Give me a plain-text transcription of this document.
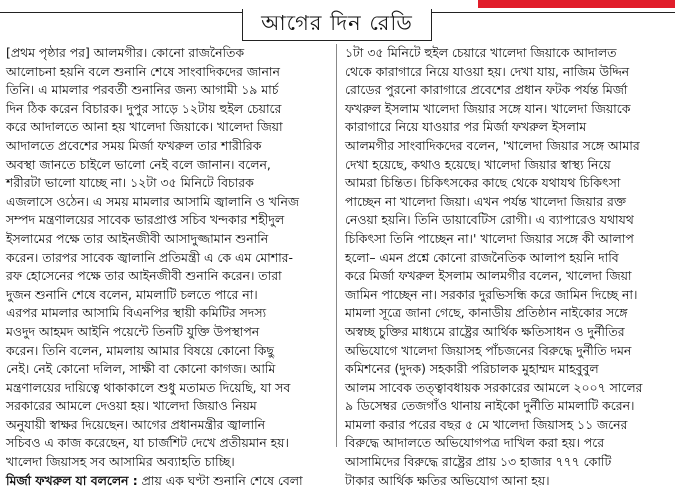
আগের দিন রেডি
[প্রথম পৃষ্ঠার পর] আলমগীর। কোনো রাজনৈতিক
আলোচনা হয়নি বলে শুনানি শেষে সাংবাদিকদের জানান
তিনি। এ মামলার পরবর্তী শুনানির জন্য আগামী ১৯ মার্চ
দিন ঠিক করেন বিচারক। দুপুর সাড়ে ১২টায় হুইল চেয়ারে
করে আদালতে আনা হয় খালেদা জিয়াকে। খালেদা জিয়া
আদালতে প্রবেশের সময় মির্জা ফখরুল তার শারীরিক
অবস্থা জানতে চাইলে ভালো নেই বলে জানান। বলেন,
শরীরটা ভালো যাচ্ছে না। ১২টা ৩৫ মিনিটে বিচারক
এজলাসে ওঠেন। এ সময় মামলার আসামি জ্বালানি ও খনিজ
সম্পদ মন্ত্রণালয়ের সাবেক ভারপ্রাপ্ত সচিব খন্দকার শহীদুল
ইসলামের পক্ষে তার আইনজীবী আসাদুজ্জামান শুনানি
করেন। তারপর সাবেক জ্বালানি প্রতিমন্ত্রী এ কে এম মোশার-
রফ হোসেনের পক্ষে তার আইনজীবী শুনানি করেন। তারা
দুজন শুনানি শেষে বলেন, মামলাটি চলতে পারে না।
এরপর মামলার আসামি বিএনপির স্থায়ী কমিটির সদস্য
মওদুদ আহমদ আইনি পয়েন্টে তিনটি যুক্তি উপস্থাপন
করেন। তিনি বলেন, মামলায় আমার বিষয়ে কোনো কিছু
নেই। নেই কোনো দলিল, সাক্ষী বা কোনো কাগজ। আমি
মন্ত্রণালয়ের দায়িত্বে থাকাকালে শুধু মতামত দিয়েছি, যা সব
সরকারের আমলে দেওয়া হয়। খালেদা জিয়াও নিয়ম
অনুযায়ী স্বাক্ষর দিয়েছেন। আগের প্রধানমন্ত্রীর জ্বালানি
সচিবও এ কাজ করেছেন, যা চার্জশিট দেখে প্রতীয়মান হয়।
খালেদা জিয়াসহ সব আসামির অব্যাহতি চাচ্ছি।
মির্জা ফখরুল যা বললেন : প্রায় এক ঘণ্টা শুনানি শেষে বেলা
১টা ৩৫ মিনিটে হুইল চেয়ারে খালেদা জিয়াকে আদালত
থেকে কারাগারে নিয়ে যাওয়া হয়। দেখা যায়, নাজিম উদ্দিন
রোডের পুরনো কারাগারে প্রবেশের প্রধান ফটক পর্যন্ত মির্জা
ফখরুল ইসলাম খালেদা জিয়ার সঙ্গে যান। খালেদা জিয়াকে
কারাগারে নিয়ে যাওয়ার পর মির্জা ফখরুল ইসলাম
আলমগীর সাংবাদিকদের বলেন, 'খালেদা জিয়ার সঙ্গে আমার
দেখা হয়েছে, কথাও হয়েছে। খালেদা জিয়ার স্বাস্থ্য নিয়ে
আমরা চিন্তিত। চিকিৎসকের কাছে থেকে যথাযথ চিকিৎসা
পাচ্ছেন না খালেদা জিয়া। এখন পর্যন্ত খালেদা জিয়ার রক্ত
নেওয়া হয়নি। তিনি ডায়াবেটিস রোগী। এ ব্যাপারেও যথাযথ
চিকিৎসা তিনি পাচ্ছেন না।' খালেদা জিয়ার সঙ্গে কী আলাপ
হলো– এমন প্রশ্নে কোনো রাজনৈতিক আলাপ হয়নি দাবি
করে মির্জা ফখরুল ইসলাম আলমগীর বলেন, খালেদা জিয়া
জামিন পাচ্ছেন না। সরকার দুরভিসন্ধি করে জামিন দিচ্ছে না।
মামলা সূত্রে জানা গেছে, কানাডীয় প্রতিষ্ঠান নাইকোর সঙ্গে
অস্বচ্ছ চুক্তির মাধ্যমে রাষ্ট্রের আর্থিক ক্ষতিসাধন ও দুর্নীতির
অভিযোগে খালেদা জিয়াসহ পাঁচজনের বিরুদ্ধে দুর্নীতি দমন
কমিশনের (দুদক) সহকারী পরিচালক মুহাম্মদ মাহবুবুল
আলম সাবেক তত্ত্বাবধায়ক সরকারের আমলে ২০০৭ সালের
৯ ডিসেম্বর তেজগাঁও থানায় নাইকো দুর্নীতি মামলাটি করেন।
মামলা করার পরের বছর ৫ মে খালেদা জিয়াসহ ১১ জনের
বিরুদ্ধে আদালতে অভিযোগপত্র দাখিল করা হয়। পরে
আসামিদের বিরুদ্ধে রাষ্ট্রের প্রায় ১৩ হাজার ৭৭৭ কোটি
টাকার আর্থিক ক্ষতির অভিযোগ আনা হয়।
